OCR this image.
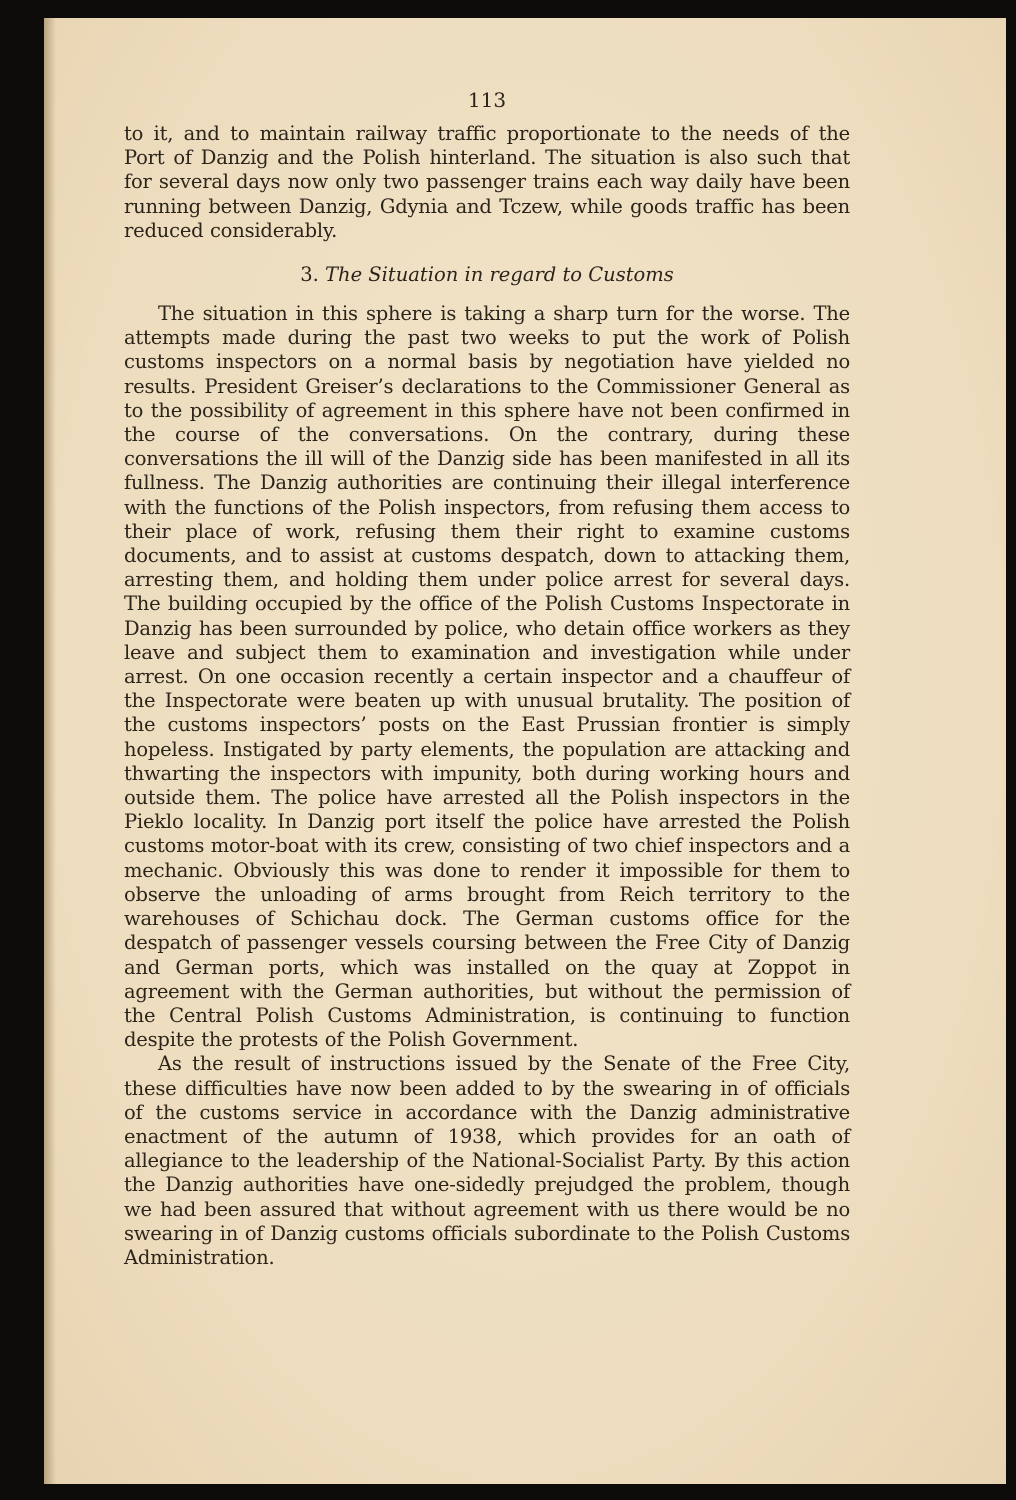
113

to it, and to maintain railway traffic proportionate to the needs of the Port of Danzig and the Polish hinterland. The situation is also such that for several days now only two passenger trains each way daily have been running between Danzig, Gdynia and Tczew, while goods traffic has been reduced considerably.

3. The Situation in regard to Customs

The situation in this sphere is taking a sharp turn for the worse. The attempts made during the past two weeks to put the work of Polish customs inspectors on a normal basis by negotiation have yielded no results. President Greiser’s declarations to the Commissioner General as to the possibility of agreement in this sphere have not been confirmed in the course of the conversations. On the contrary, during these conversations the ill will of the Danzig side has been manifested in all its fullness. The Danzig authorities are continuing their illegal interference with the functions of the Polish inspectors, from refusing them access to their place of work, refusing them their right to examine customs documents, and to assist at customs despatch, down to attacking them, arresting them, and holding them under police arrest for several days. The building occupied by the office of the Polish Customs Inspectorate in Danzig has been surrounded by police, who detain office workers as they leave and subject them to examination and investigation while under arrest. On one occasion recently a certain inspector and a chauffeur of the Inspectorate were beaten up with unusual brutality. The position of the customs inspectors’ posts on the East Prussian frontier is simply hopeless. Instigated by party elements, the population are attacking and thwarting the inspectors with impunity, both during working hours and outside them. The police have arrested all the Polish inspectors in the Pieklo locality. In Danzig port itself the police have arrested the Polish customs motor-boat with its crew, consisting of two chief inspectors and a mechanic. Obviously this was done to render it impossible for them to observe the unloading of arms brought from Reich territory to the warehouses of Schichau dock. The German customs office for the despatch of passenger vessels coursing between the Free City of Danzig and German ports, which was installed on the quay at Zoppot in agreement with the German authorities, but without the permission of the Central Polish Customs Administration, is continuing to function despite the protests of the Polish Government.

As the result of instructions issued by the Senate of the Free City, these difficulties have now been added to by the swearing in of officials of the customs service in accordance with the Danzig administrative enactment of the autumn of 1938, which provides for an oath of allegiance to the leadership of the National-Socialist Party. By this action the Danzig authorities have one-sidedly prejudged the problem, though we had been assured that without agreement with us there would be no swearing in of Danzig customs officials subordinate to the Polish Customs Administration.
